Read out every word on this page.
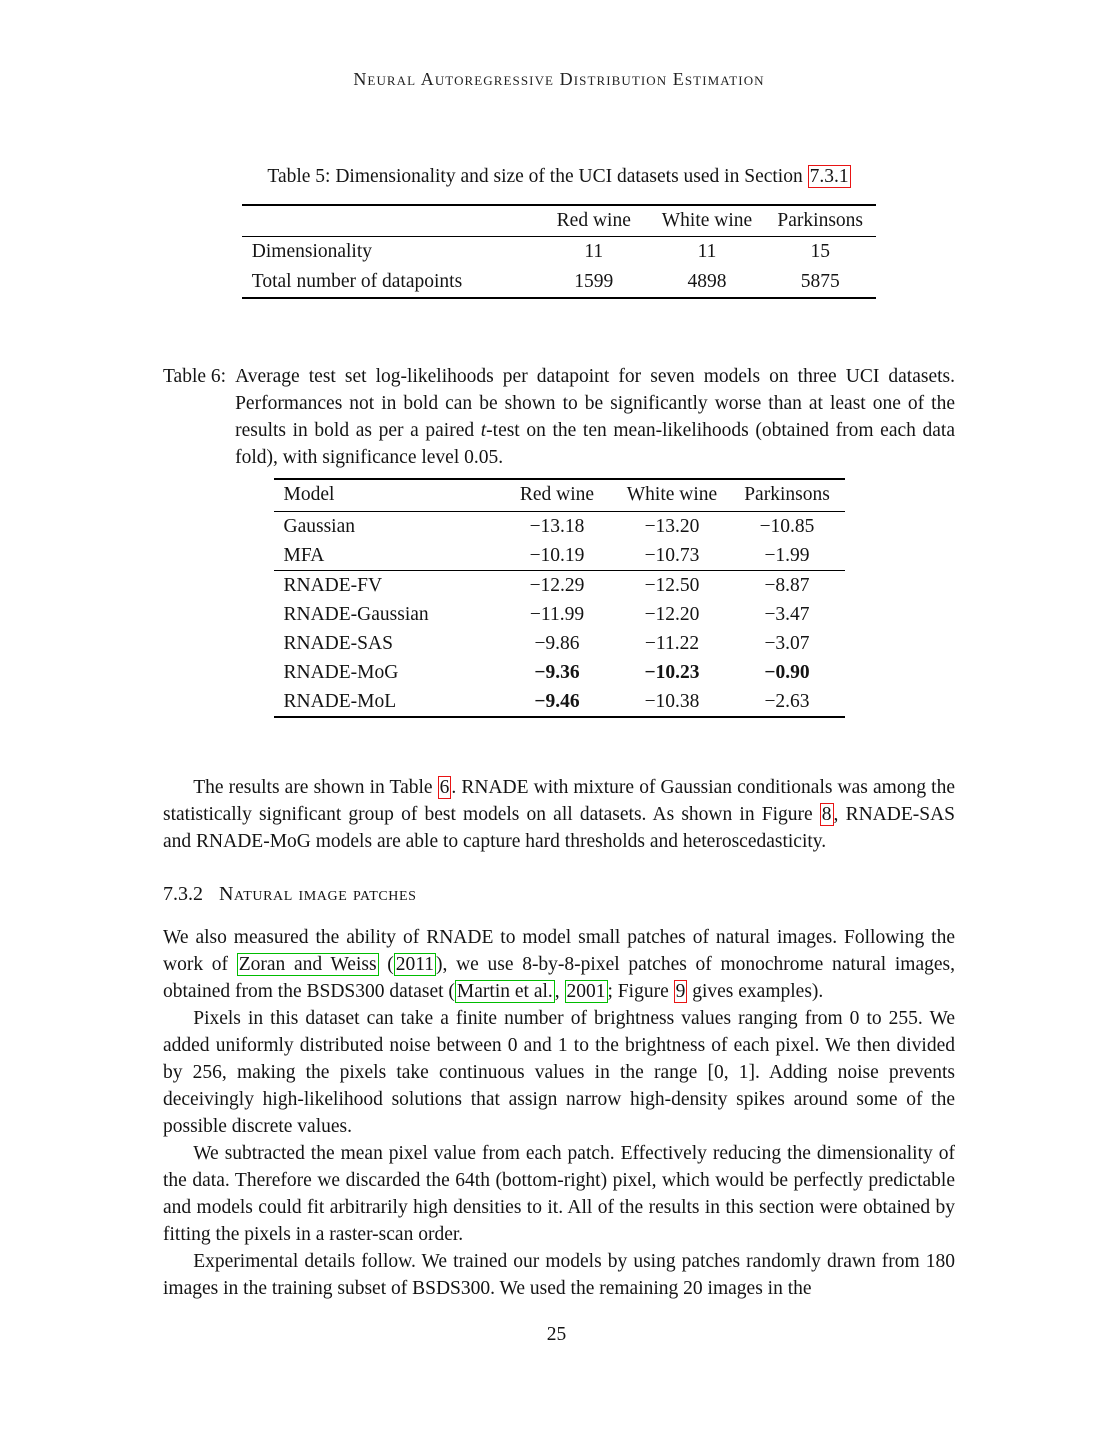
Neural Autoregressive Distribution Estimation
Table 5: Dimensionality and size of the UCI datasets used in Section 7.3.1
	Red wine	White wine	Parkinsons
Dimensionality	11	11	15
Total number of datapoints	1599	4898	5875
Table 6: Average test set log-likelihoods per datapoint for seven models on three UCI datasets. Performances not in bold can be shown to be significantly worse than at least one of the results in bold as per a paired t-test on the ten mean-likelihoods (obtained from each data fold), with significance level 0.05.
Model	Red wine	White wine	Parkinsons
Gaussian	−13.18	−13.20	−10.85
MFA	−10.19	−10.73	−1.99
RNADE-FV	−12.29	−12.50	−8.87
RNADE-Gaussian	−11.99	−12.20	−3.47
RNADE-SAS	−9.86	−11.22	−3.07
RNADE-MoG	−9.36	−10.23	−0.90
RNADE-MoL	−9.46	−10.38	−2.63

The results are shown in Table 6 . RNADE with mixture of Gaussian conditionals was among the statistically significant group of best models on all datasets. As shown in Figure 8 , RNADE-SAS and RNADE-MoG models are able to capture hard thresholds and heteroscedasticity.

7.3.2 Natural image patches

We also measured the ability of RNADE to model small patches of natural images. Following the work of Zoran and Weiss ( 2011 ), we use 8-by-8-pixel patches of monochrome natural images, obtained from the BSDS300 dataset ( Martin et al. , 2001 ; Figure 9 gives examples).

Pixels in this dataset can take a finite number of brightness values ranging from 0 to 255. We added uniformly distributed noise between 0 and 1 to the brightness of each pixel. We then divided by 256, making the pixels take continuous values in the range [0, 1]. Adding noise prevents deceivingly high-likelihood solutions that assign narrow high-density spikes around some of the possible discrete values.

We subtracted the mean pixel value from each patch. Effectively reducing the dimensionality of the data. Therefore we discarded the 64th (bottom-right) pixel, which would be perfectly predictable and models could fit arbitrarily high densities to it. All of the results in this section were obtained by fitting the pixels in a raster-scan order.

Experimental details follow. We trained our models by using patches randomly drawn from 180 images in the training subset of BSDS300. We used the remaining 20 images in the

25
